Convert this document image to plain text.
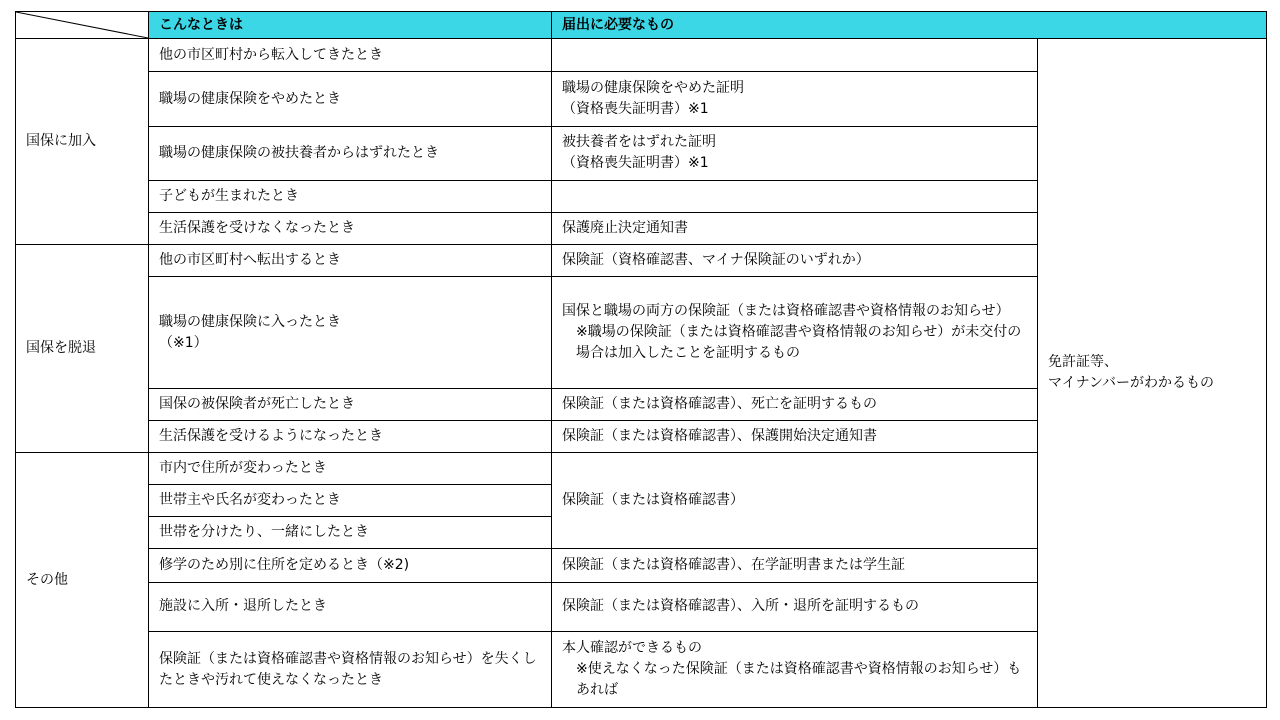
	こんなときは	届出に必要なもの	
国保に加入	他の市区町村から転入してきたとき		免許証等、
マイナンバーがわかるもの

	職場の健康保険をやめたとき	職場の健康保険をやめた証明
（資格喪失証明書）※1	

	職場の健康保険の被扶養者からはずれたとき	被扶養者をはずれた証明
（資格喪失証明書）※1	

	子どもが生まれたとき		
	生活保護を受けなくなったとき	保護廃止決定通知書	
国保を脱退	他の市区町村へ転出するとき	保険証（資格確認書、マイナ保険証のいずれか）	

	職場の健康保険に入ったとき
（※1）	国保と職場の両方の保険証（または資格確認書や資格情報のお知らせ）
※職場の保険証（または資格確認書や資格情報のお知らせ）が未交付の場合は加入したことを証明するもの	

	国保の被保険者が死亡したとき	保険証（または資格確認書）、死亡を証明するもの	
	生活保護を受けるようになったとき	保険証（または資格確認書）、保護開始決定通知書	
その他	市内で住所が変わったとき	保険証（または資格確認書）	
	世帯主や氏名が変わったとき		
	世帯を分けたり、一緒にしたとき		
	修学のため別に住所を定めるとき（※2)	保険証（または資格確認書）、在学証明書または学生証	
	施設に入所・退所したとき	保険証（または資格確認書）、入所・退所を証明するもの	
	保険証（または資格確認書や資格情報のお知らせ）を失くしたときや汚れて使えなくなったとき	本人確認ができるもの
※使えなくなった保険証（または資格確認書や資格情報のお知らせ）もあれば	
